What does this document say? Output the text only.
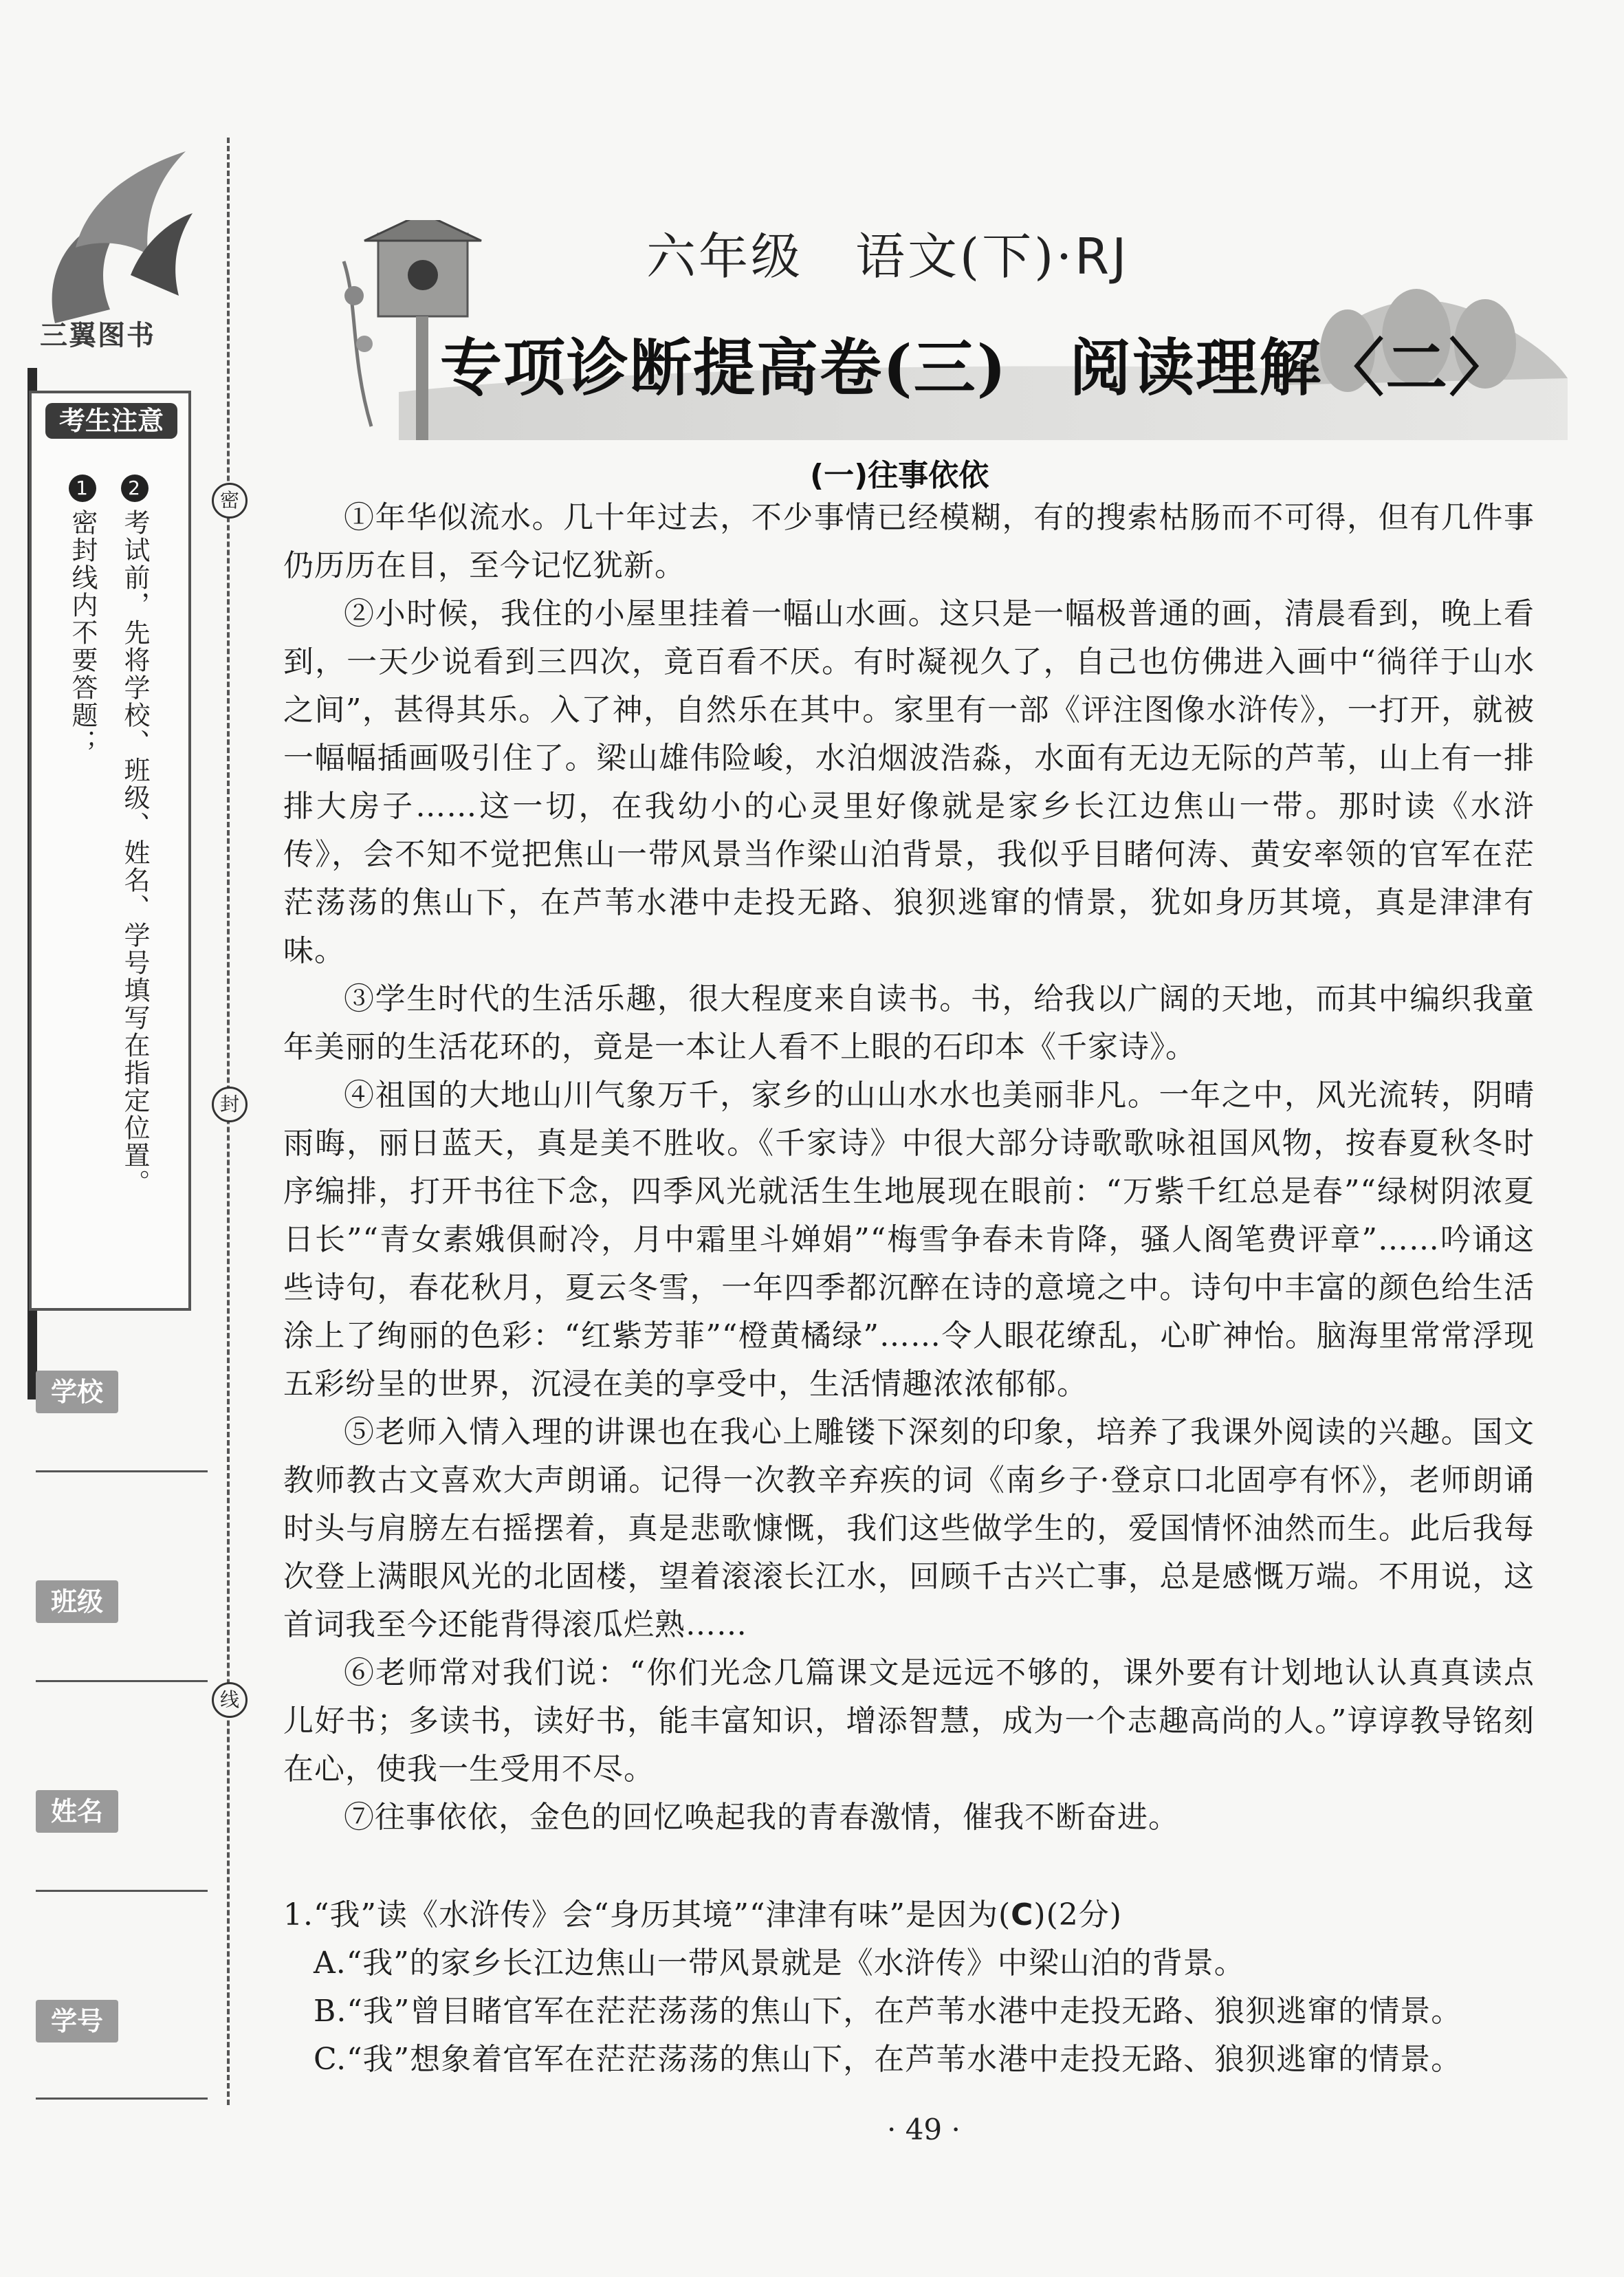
三翼图书
考生注意
1密封线内不要答题；
2考试前，先将学校、班级、姓名、学号填写在指定位置。
学校
班级
姓名
学号
密
封
线
六年级　语文(下)·RJ
专项诊断提高卷(三) 阅读理解〈二〉
(一)往事依依

①年华似流水。几十年过去，不少事情已经模糊，有的搜索枯肠而不可得，但有几件事仍历历在目，至今记忆犹新。

②小时候，我住的小屋里挂着一幅山水画。这只是一幅极普通的画，清晨看到，晚上看到，一天少说看到三四次，竟百看不厌。有时凝视久了，自己也仿佛进入画中“徜徉于山水之间”，甚得其乐。入了神，自然乐在其中。家里有一部《评注图像水浒传》，一打开，就被一幅幅插画吸引住了。梁山雄伟险峻，水泊烟波浩淼，水面有无边无际的芦苇，山上有一排排大房子……这一切，在我幼小的心灵里好像就是家乡长江边焦山一带。那时读《水浒传》，会不知不觉把焦山一带风景当作梁山泊背景，我似乎目睹何涛、黄安率领的官军在茫茫荡荡的焦山下，在芦苇水港中走投无路、狼狈逃窜的情景，犹如身历其境，真是津津有味。

③学生时代的生活乐趣，很大程度来自读书。书，给我以广阔的天地，而其中编织我童年美丽的生活花环的，竟是一本让人看不上眼的石印本《千家诗》。

④祖国的大地山川气象万千，家乡的山山水水也美丽非凡。一年之中，风光流转，阴晴雨晦，丽日蓝天，真是美不胜收。《千家诗》中很大部分诗歌歌咏祖国风物，按春夏秋冬时序编排，打开书往下念，四季风光就活生生地展现在眼前：“万紫千红总是春”“绿树阴浓夏日长”“青女素娥俱耐冷，月中霜里斗婵娟”“梅雪争春未肯降，骚人阁笔费评章”……吟诵这些诗句，春花秋月，夏云冬雪，一年四季都沉醉在诗的意境之中。诗句中丰富的颜色给生活涂上了绚丽的色彩：“红紫芳菲”“橙黄橘绿”……令人眼花缭乱，心旷神怡。脑海里常常浮现五彩纷呈的世界，沉浸在美的享受中，生活情趣浓浓郁郁。

⑤老师入情入理的讲课也在我心上雕镂下深刻的印象，培养了我课外阅读的兴趣。国文教师教古文喜欢大声朗诵。记得一次教辛弃疾的词《南乡子·登京口北固亭有怀》，老师朗诵时头与肩膀左右摇摆着，真是悲歌慷慨，我们这些做学生的，爱国情怀油然而生。此后我每次登上满眼风光的北固楼，望着滚滚长江水，回顾千古兴亡事，总是感慨万端。不用说，这首词我至今还能背得滚瓜烂熟……

⑥老师常对我们说：“你们光念几篇课文是远远不够的，课外要有计划地认认真真读点儿好书；多读书，读好书，能丰富知识，增添智慧，成为一个志趣高尚的人。”谆谆教导铭刻在心，使我一生受用不尽。

⑦往事依依，金色的回忆唤起我的青春激情，催我不断奋进。

1.“我”读《水浒传》会“身历其境”“津津有味”是因为(C)(2分)
A.“我”的家乡长江边焦山一带风景就是《水浒传》中梁山泊的背景。
B.“我”曾目睹官军在茫茫荡荡的焦山下，在芦苇水港中走投无路、狼狈逃窜的情景。
C.“我”想象着官军在茫茫荡荡的焦山下，在芦苇水港中走投无路、狼狈逃窜的情景。
· 49 ·
